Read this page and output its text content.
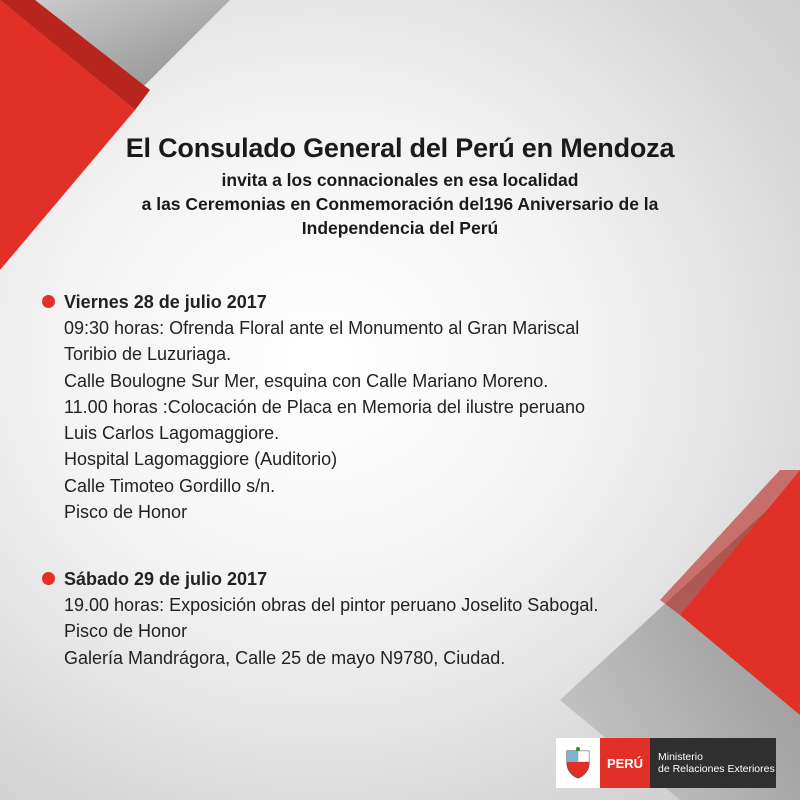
El Consulado General del Perú en Mendoza
invita a los connacionales en esa localidad
a las Ceremonias en Conmemoración del196 Aniversario de la
Independencia del Perú
Viernes 28 de julio 2017
09:30 horas: Ofrenda Floral ante el Monumento al Gran Mariscal
Toribio de Luzuriaga.
Calle Boulogne Sur Mer, esquina con Calle Mariano Moreno.
11.00 horas :Colocación de Placa en Memoria del ilustre peruano
Luis Carlos Lagomaggiore.
Hospital Lagomaggiore (Auditorio)
Calle Timoteo Gordillo s/n.
Pisco de Honor
Sábado 29 de julio 2017
19.00 horas: Exposición obras del pintor peruano Joselito Sabogal.
Pisco de Honor
Galería Mandrágora, Calle 25 de mayo N9780, Ciudad.
PERÚ	Ministerio
de Relaciones Exteriores
